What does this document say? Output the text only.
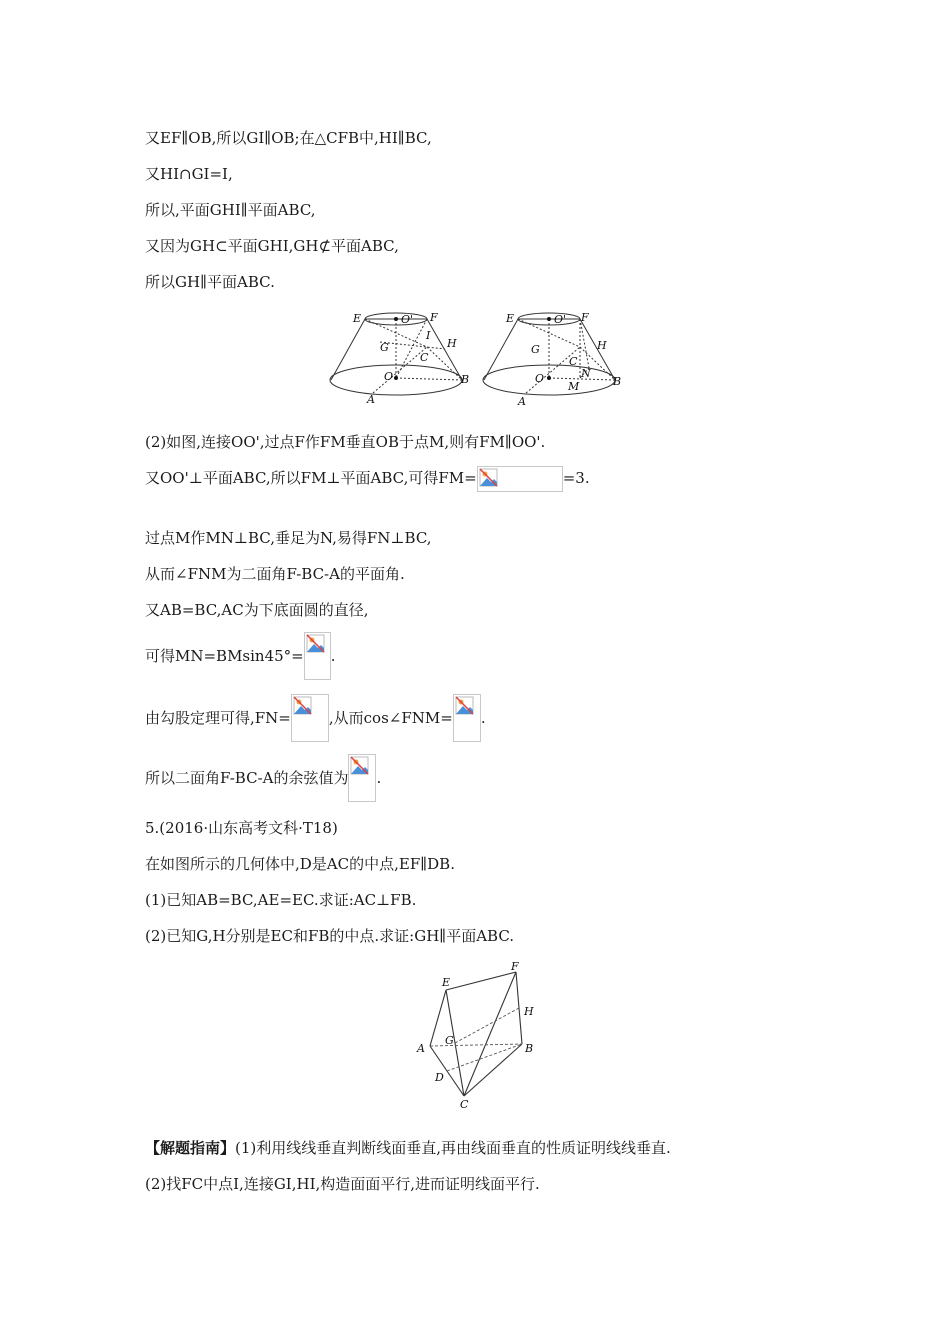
又EF∥OB,所以GI∥OB;在△CFB中,HI∥BC,
又HI∩GI=I,
所以,平面GHI∥平面ABC,
又因为GH⊂平面GHI,GH⊄平面ABC,
所以GH∥平面ABC.
E	O' F
I
G	H
C
O	B
A
E	O' F
G	H
C
N
O
M	B
A
(2)如图,连接OO',过点F作FM垂直OB于点M,则有FM∥OO'.
又OO'⊥平面ABC,所以FM⊥平面ABC,可得FM=	=3.
过点M作MN⊥BC,垂足为N,易得FN⊥BC,
从而∠FNM为二面角F-BC-A的平面角.
又AB=BC,AC为下底面圆的直径,
可得MN=BMsin45°= .
由勾股定理可得,FN=	,从而cos∠FNM= .
所以二面角F-BC-A的余弦值为 .
5.(2016·山东高考文科·T18)
在如图所示的几何体中,D是AC的中点,EF∥DB.
(1)已知AB=BC,AE=EC.求证:AC⊥FB.
(2)已知G,H分别是EC和FB的中点.求证:GH∥平面ABC.
E
F
H
A
G
B
D
C
【解题指南】(1)利用线线垂直判断线面垂直,再由线面垂直的性质证明线线垂直.
(2)找FC中点I,连接GI,HI,构造面面平行,进而证明线面平行.
